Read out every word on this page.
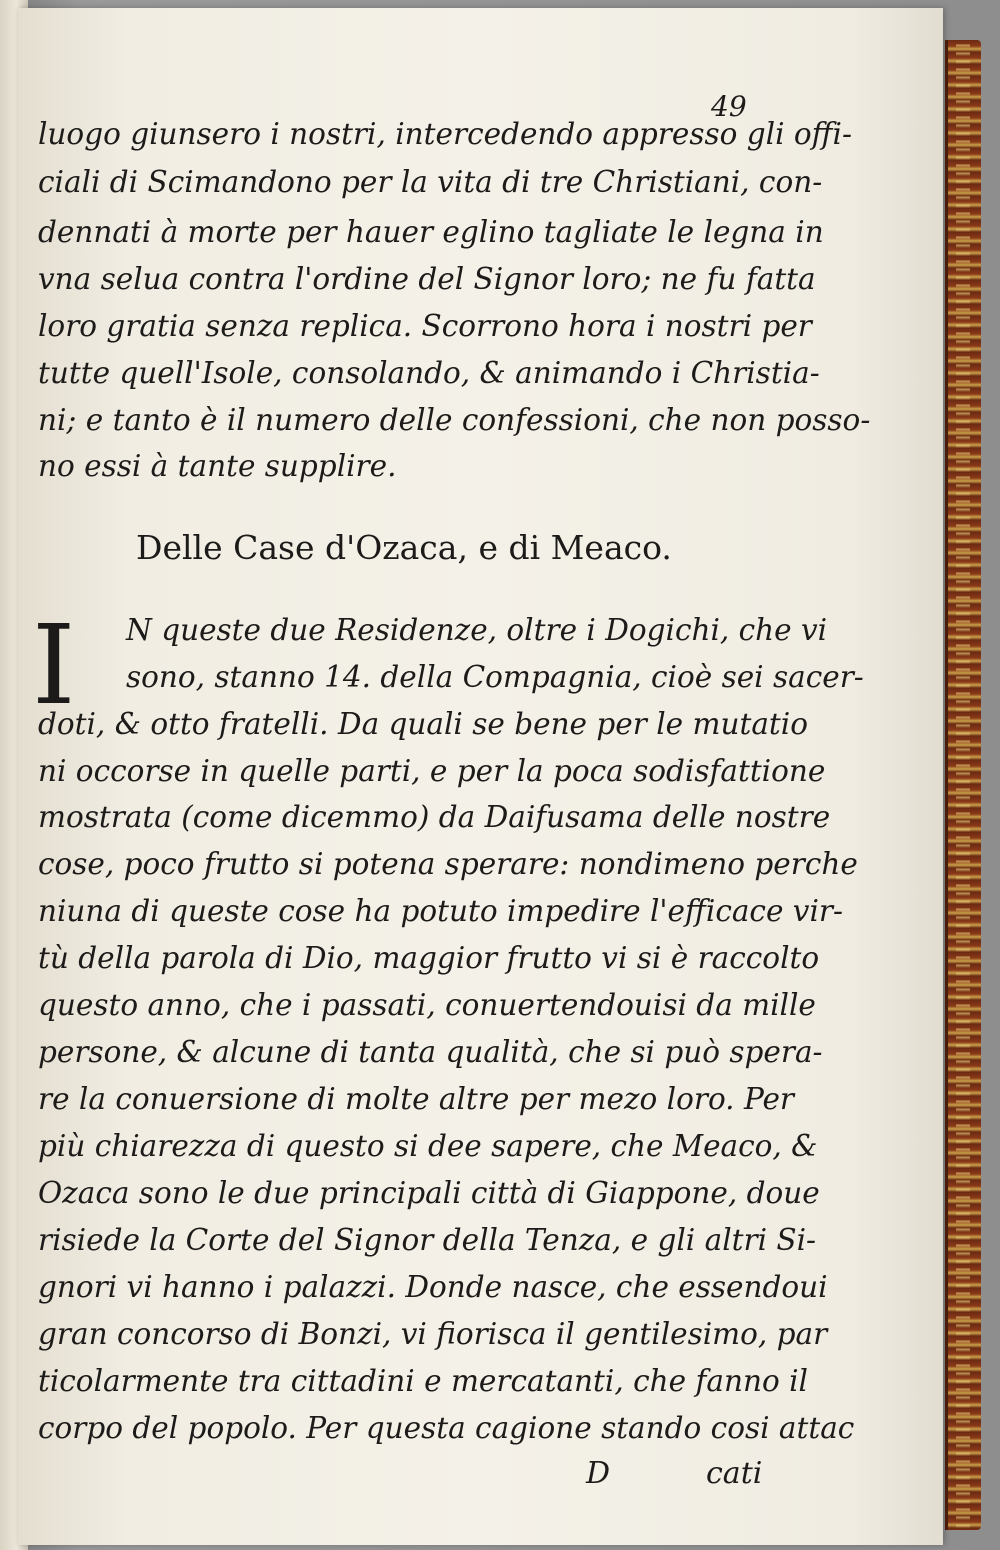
49
luogo giunsero i nostri, intercedendo appresso gli offi-
ciali di Scimandono per la vita di tre Christiani, con-
dennati à morte per hauer eglino tagliate le legna in
vna selua contra l'ordine del Signor loro; ne fu fatta
loro gratia senza replica. Scorrono hora i nostri per
tutte quell'Isole, consolando, & animando i Christia-
ni; e tanto è il numero delle confessioni, che non posso-
no essi à tante supplire.
Delle Case d'Ozaca, e di Meaco.
I N queste due Residenze, oltre i Dogichi, che vi
sono, stanno 14. della Compagnia, cioè sei sacer-
doti, & otto fratelli. Da quali se bene per le mutatio
ni occorse in quelle parti, e per la poca sodisfattione
mostrata (come dicemmo) da Daifusama delle nostre
cose, poco frutto si potena sperare: nondimeno perche
niuna di queste cose ha potuto impedire l'efficace vir-
tù della parola di Dio, maggior frutto vi si è raccolto
questo anno, che i passati, conuertendouisi da mille
persone, & alcune di tanta qualità, che si può spera-
re la conuersione di molte altre per mezo loro. Per
più chiarezza di questo si dee sapere, che Meaco, &
Ozaca sono le due principali città di Giappone, doue
risiede la Corte del Signor della Tenza, e gli altri Si-
gnori vi hanno i palazzi. Donde nasce, che essendoui
gran concorso di Bonzi, vi fiorisca il gentilesimo, par
ticolarmente tra cittadini e mercatanti, che fanno il
corpo del popolo. Per questa cagione stando cosi attac
D	cati
